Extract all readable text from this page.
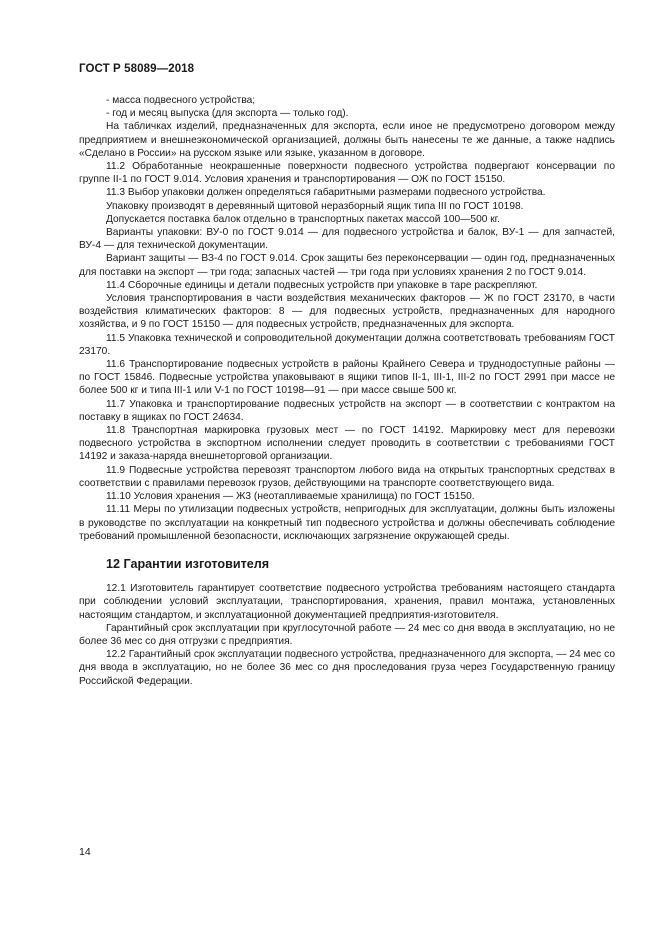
ГОСТ Р 58089—2018

- масса подвесного устройства;

- год и месяц выпуска (для экспорта — только год).

На табличках изделий, предназначенных для экспорта, если иное не предусмотрено договором между предприятием и внешнеэкономической организацией, должны быть нанесены те же данные, а также надпись «Сделано в России» на русском языке или языке, указанном в договоре.

11.2 Обработанные неокрашенные поверхности подвесного устройства подвергают консервации по группе II-1 по ГОСТ 9.014. Условия хранения и транспортирования — ОЖ по ГОСТ 15150.

11.3 Выбор упаковки должен определяться габаритными размерами подвесного устройства.

Упаковку производят в деревянный щитовой неразборный ящик типа III по ГОСТ 10198.

Допускается поставка балок отдельно в транспортных пакетах массой 100—500 кг.

Варианты упаковки: ВУ-0 по ГОСТ 9.014 — для подвесного устройства и балок, ВУ-1 — для запчастей, ВУ-4 — для технической документации.

Вариант защиты — ВЗ-4 по ГОСТ 9.014. Срок защиты без переконсервации — один год, предназначенных для поставки на экспорт — три года; запасных частей — три года при условиях хранения 2 по ГОСТ 9.014.

11.4 Сборочные единицы и детали подвесных устройств при упаковке в таре раскрепляют.

Условия транспортирования в части воздействия механических факторов — Ж по ГОСТ 23170, в части воздействия климатических факторов: 8 — для подвесных устройств, предназначенных для народного хозяйства, и 9 по ГОСТ 15150 — для подвесных устройств, предназначенных для экспорта.

11.5 Упаковка технической и сопроводительной документации должна соответствовать требованиям ГОСТ 23170.

11.6 Транспортирование подвесных устройств в районы Крайнего Севера и труднодоступные районы — по ГОСТ 15846. Подвесные устройства упаковывают в ящики типов II-1, III-1, III-2 по ГОСТ 2991 при массе не более 500 кг и типа III-1 или V-1 по ГОСТ 10198—91 — при массе свыше 500 кг.

11.7 Упаковка и транспортирование подвесных устройств на экспорт — в соответствии с контрактом на поставку в ящиках по ГОСТ 24634.

11.8 Транспортная маркировка грузовых мест — по ГОСТ 14192. Маркировку мест для перевозки подвесного устройства в экспортном исполнении следует проводить в соответствии с требованиями ГОСТ 14192 и заказа-наряда внешнеторговой организации.

11.9 Подвесные устройства перевозят транспортом любого вида на открытых транспортных средствах в соответствии с правилами перевозок грузов, действующими на транспорте соответствующего вида.

11.10 Условия хранения — Ж3 (неотапливаемые хранилища) по ГОСТ 15150.

11.11 Меры по утилизации подвесных устройств, непригодных для эксплуатации, должны быть изложены в руководстве по эксплуатации на конкретный тип подвесного устройства и должны обеспечивать соблюдение требований промышленной безопасности, исключающих загрязнение окружающей среды.

12 Гарантии изготовителя

12.1 Изготовитель гарантирует соответствие подвесного устройства требованиям настоящего стандарта при соблюдении условий эксплуатации, транспортирования, хранения, правил монтажа, установленных настоящим стандартом, и эксплуатационной документацией предприятия-изготовителя.

Гарантийный срок эксплуатации при круглосуточной работе — 24 мес со дня ввода в эксплуатацию, но не более 36 мес со дня отгрузки с предприятия.

12.2 Гарантийный срок эксплуатации подвесного устройства, предназначенного для экспорта, — 24 мес со дня ввода в эксплуатацию, но не более 36 мес со дня проследования груза через Государственную границу Российской Федерации.

14
